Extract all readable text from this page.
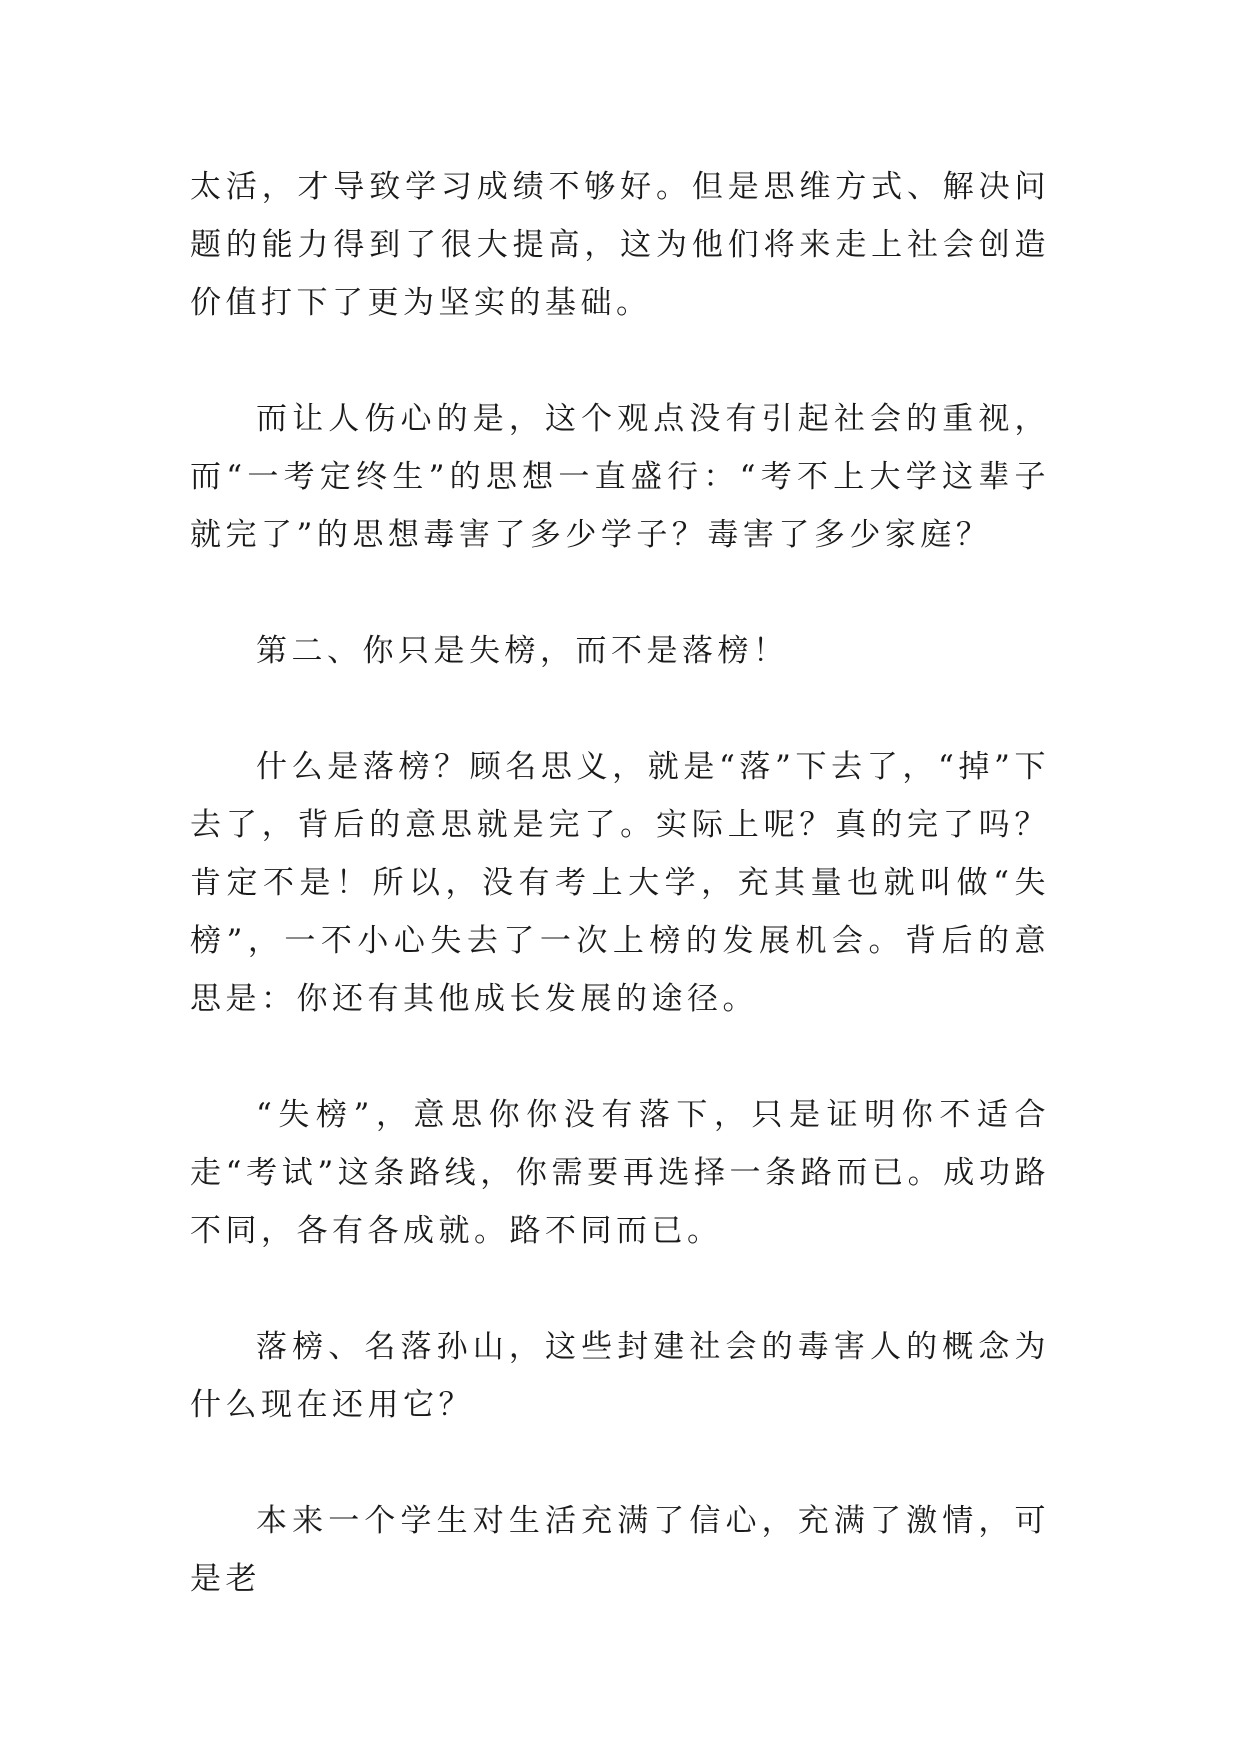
太活，才导致学习成绩不够好。但是思维方式、解决问题的能力得到了很大提高，这为他们将来走上社会创造价值打下了更为坚实的基础。

而让人伤心的是，这个观点没有引起社会的重视，而“一考定终生”的思想一直盛行：“考不上大学这辈子就完了”的思想毒害了多少学子？毒害了多少家庭？

第二、你只是失榜，而不是落榜！

什么是落榜？顾名思义，就是“落”下去了，“掉”下去了，背后的意思就是完了。实际上呢？真的完了吗？肯定不是！所以，没有考上大学，充其量也就叫做“失榜”，一不小心失去了一次上榜的发展机会。背后的意思是：你还有其他成长发展的途径。

“失榜”，意思你你没有落下，只是证明你不适合走“考试”这条路线，你需要再选择一条路而已。成功路不同，各有各成就。路不同而已。

落榜、名落孙山，这些封建社会的毒害人的概念为什么现在还用它？

本来一个学生对生活充满了信心，充满了激情，可是老
